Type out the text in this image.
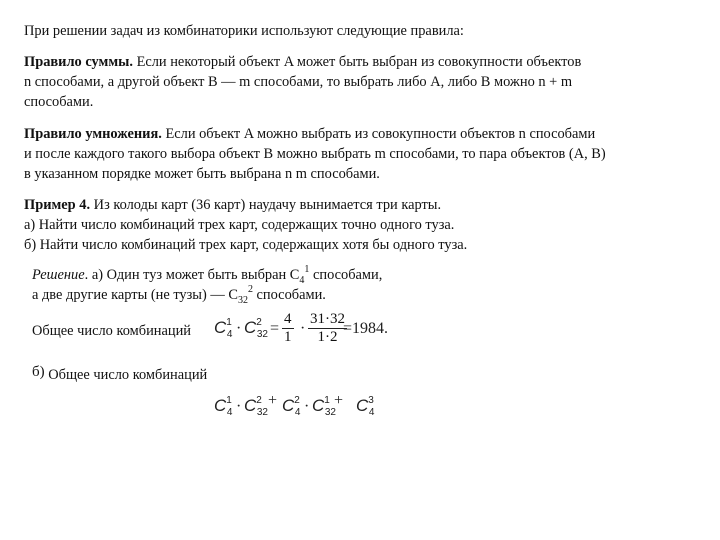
При решении задач из комбинаторики используют следующие правила:
Правило суммы. Если некоторый объект A может быть выбран из совокупности объектов
n способами, а другой объект B — m способами, то выбрать либо A, либо B можно n + m
способами.
Правило умножения. Если объект A можно выбрать из совокупности объектов n способами
и после каждого такого выбора объект B можно выбрать m способами, то пара объектов (A, B)
в указанном порядке может быть выбрана n m способами.
Пример 4. Из колоды карт (36 карт) наудачу вынимается три карты.
а) Найти число комбинаций трех карт, содержащих точно одного туза.
б) Найти число комбинаций трех карт, содержащих хотя бы одного туза.
Решение. а) Один туз может быть выбран C41 способами,
а две другие карты (не тузы) — C322 способами.
Общее число комбинаций $C^1_4 \cdot C^2_{32} = \frac{4}{1} \cdot \frac{31\cdot 32}{1\cdot 2}$
=1984.
б) Общее число комбинаций
$C^1_4 \cdot C^2_{32}$
+ $C^2_4 \cdot C^1_{32}$
+ $C^3_4$
